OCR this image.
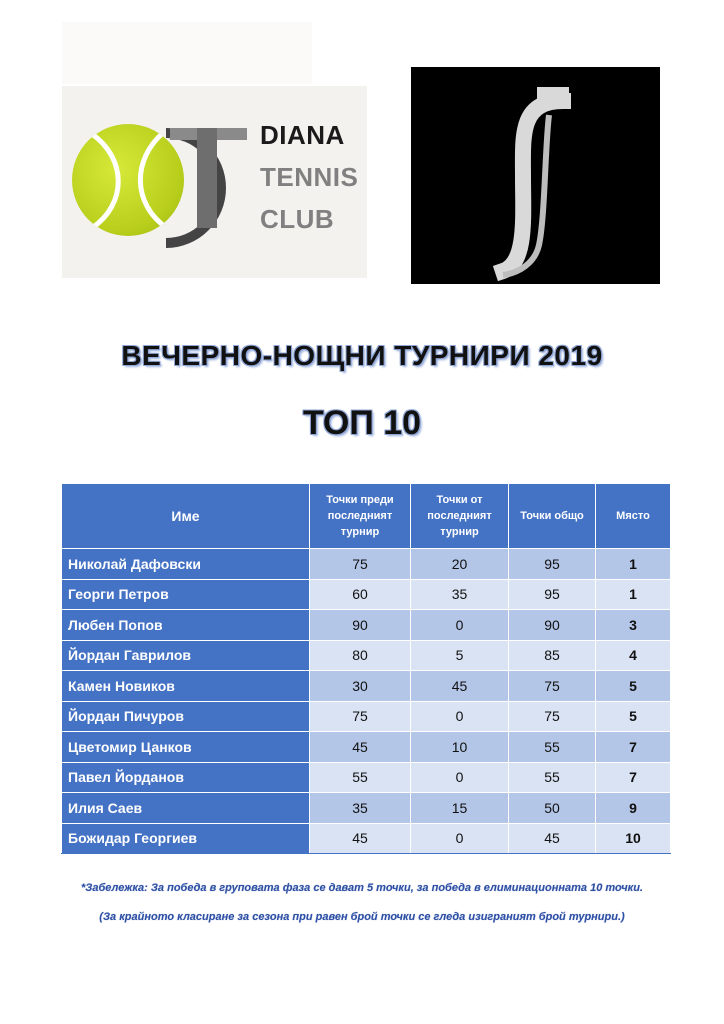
DIANA
TENNIS
CLUB
ВЕЧЕРНО-НОЩНИ ТУРНИРИ 2019
ТОП 10
Име	Точки преди последният турнир	Точки от последният турнир	Точки общо	Място
Николай Дафовски	75	20	95	1
Георги Петров	60	35	95	1
Любен Попов	90	0	90	3
Йордан Гаврилов	80	5	85	4
Камен Новиков	30	45	75	5
Йордан Пичуров	75	0	75	5
Цветомир Цанков	45	10	55	7
Павел Йорданов	55	0	55	7
Илия Саев	35	15	50	9
Божидар Георгиев	45	0	45	10
*Забележка: За победа в груповата фаза се дават 5 точки, за победа в елиминационната 10 точки.
(За крайното класиране за сезона при равен брой точки се гледа изиграният брой турнири.)
